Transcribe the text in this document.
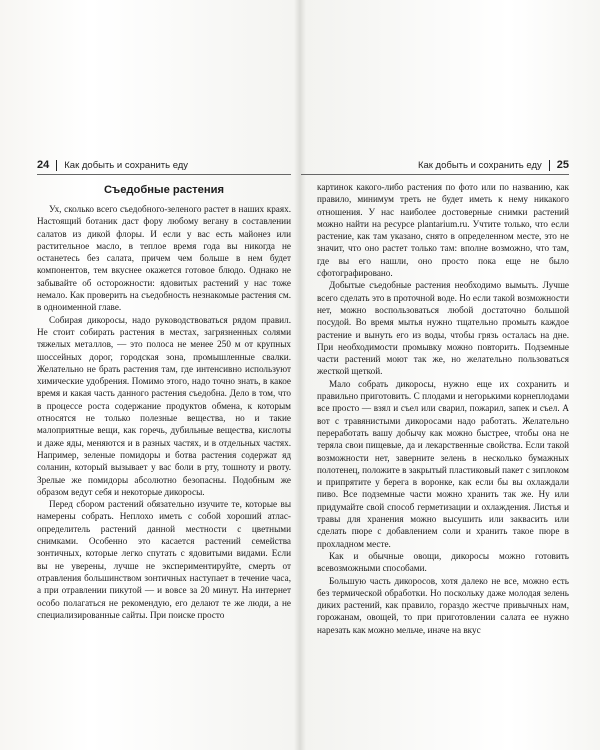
24 Как добыть и сохранить еду
Съедобные растения

Ух, сколько всего съедобного-зеленого растет в наших краях. Настоящий ботаник даст фору любому вегану в составлении салатов из дикой флоры. И если у вас есть майонез или растительное масло, в теплое время года вы никогда не останетесь без салата, причем чем больше в нем будет компонентов, тем вкуснее окажется готовое блюдо. Однако не забывайте об осторожности: ядовитых растений у нас тоже немало. Как проверить на съедобность незнакомые растения см. в одноименной главе.

Собирая дикоросы, надо руководствоваться рядом правил. Не стоит собирать растения в местах, загрязненных солями тяжелых металлов, — это полоса не менее 250 м от крупных шоссейных дорог, городская зона, промышленные свалки. Желательно не брать растения там, где интенсивно используют химические удобрения. Помимо этого, надо точно знать, в какое время и какая часть данного растения съедобна. Дело в том, что в процессе роста содержание продуктов обмена, к которым относятся не только полезные вещества, но и такие малоприятные вещи, как горечь, дубильные вещества, кислоты и даже яды, меняются и в разных частях, и в отдельных частях. Например, зеленые помидоры и ботва растения содержат яд соланин, который вызывает у вас боли в рту, тошноту и рвоту. Зрелые же помидоры абсолютно безопасны. Подобным же образом ведут себя и некоторые дикоросы.

Перед сбором растений обязательно изучите те, которые вы намерены собрать. Неплохо иметь с собой хороший атлас-определитель растений данной местности с цветными снимками. Особенно это касается растений семейства зонтичных, которые легко спутать с ядовитыми видами. Если вы не уверены, лучше не экспериментируйте, смерть от отравления большинством зонтичных наступает в течение часа, а при отравлении пикутой — и вовсе за 20 минут. На интернет особо полагаться не рекомендую, его делают те же люди, а не специализированные сайты. При поиске просто

Как добыть и сохранить еду 25

картинок какого-либо растения по фото или по названию, как правило, минимум треть не будет иметь к нему никакого отношения. У нас наиболее достоверные снимки растений можно найти на ресурсе plantarium.ru. Учтите только, что если растение, как там указано, снято в определенном месте, это не значит, что оно растет только там: вполне возможно, что там, где вы его нашли, оно просто пока еще не было сфотографировано.

Добытые съедобные растения необходимо вымыть. Лучше всего сделать это в проточной воде. Но если такой возможности нет, можно воспользоваться любой достаточно большой посудой. Во время мытья нужно тщательно промыть каждое растение и вынуть его из воды, чтобы грязь осталась на дне. При необходимости промывку можно повторить. Подземные части растений моют так же, но желательно пользоваться жесткой щеткой.

Мало собрать дикоросы, нужно еще их сохранить и правильно приготовить. С плодами и негорькими корнеплодами все просто — взял и съел или сварил, пожарил, запек и съел. А вот с травянистыми дикоросами надо работать. Желательно переработать вашу добычу как можно быстрее, чтобы она не теряла свои пищевые, да и лекарственные свойства. Если такой возможности нет, заверните зелень в несколько бумажных полотенец, положите в закрытый пластиковый пакет с зиплоком и припрятите у берега в воронке, как если бы вы охлаждали пиво. Все подземные части можно хранить так же. Ну или придумайте свой способ герметизации и охлаждения. Листья и травы для хранения можно высушить или заквасить или сделать пюре с добавлением соли и хранить такое пюре в прохладном месте.

Как и обычные овощи, дикоросы можно готовить всевозможными способами.

Большую часть дикоросов, хотя далеко не все, можно есть без термической обработки. Но поскольку даже молодая зелень диких растений, как правило, гораздо жестче привычных нам, горожанам, овощей, то при приготовлении салата ее нужно нарезать как можно мельче, иначе на вкус
